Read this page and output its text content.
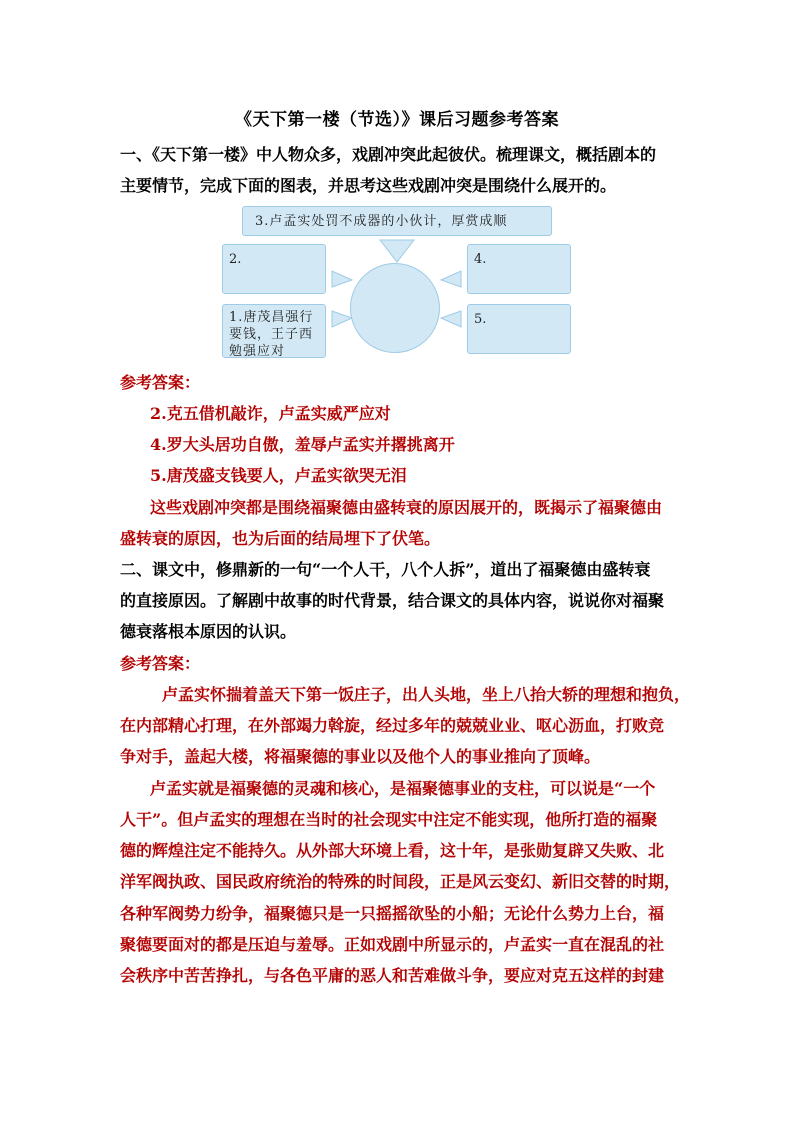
《天下第一楼（节选）》课后习题参考答案
一、《天下第一楼》中人物众多，戏剧冲突此起彼伏。梳理课文，概括剧本的
主要情节，完成下面的图表，并思考这些戏剧冲突是围绕什么展开的。
3.卢孟实处罚不成器的小伙计，厚赏成顺
2.	4.
1.唐茂昌强行
要钱，王子西
勉强应对
5.
参考答案：
2.克五借机敲诈，卢孟实威严应对
4.罗大头居功自傲，羞辱卢孟实并撂挑离开
5.唐茂盛支钱要人，卢孟实欲哭无泪
这些戏剧冲突都是围绕福聚德由盛转衰的原因展开的，既揭示了福聚德由
盛转衰的原因，也为后面的结局埋下了伏笔。
二、课文中，修鼎新的一句“一个人干，八个人拆”，道出了福聚德由盛转衰
的直接原因。了解剧中故事的时代背景，结合课文的具体内容，说说你对福聚
德衰落根本原因的认识。
参考答案：
卢孟实怀揣着盖天下第一饭庄子，出人头地，坐上八抬大轿的理想和抱负，
在内部精心打理，在外部竭力斡旋，经过多年的兢兢业业、呕心沥血，打败竞
争对手，盖起大楼，将福聚德的事业以及他个人的事业推向了顶峰。
卢孟实就是福聚德的灵魂和核心，是福聚德事业的支柱，可以说是“一个
人干”。但卢孟实的理想在当时的社会现实中注定不能实现，他所打造的福聚
德的辉煌注定不能持久。从外部大环境上看，这十年，是张勋复辟又失败、北
洋军阀执政、国民政府统治的特殊的时间段，正是风云变幻、新旧交替的时期，
各种军阀势力纷争，福聚德只是一只摇摇欲坠的小船；无论什么势力上台，福
聚德要面对的都是压迫与羞辱。正如戏剧中所显示的，卢孟实一直在混乱的社
会秩序中苦苦挣扎，与各色平庸的恶人和苦难做斗争，要应对克五这样的封建
